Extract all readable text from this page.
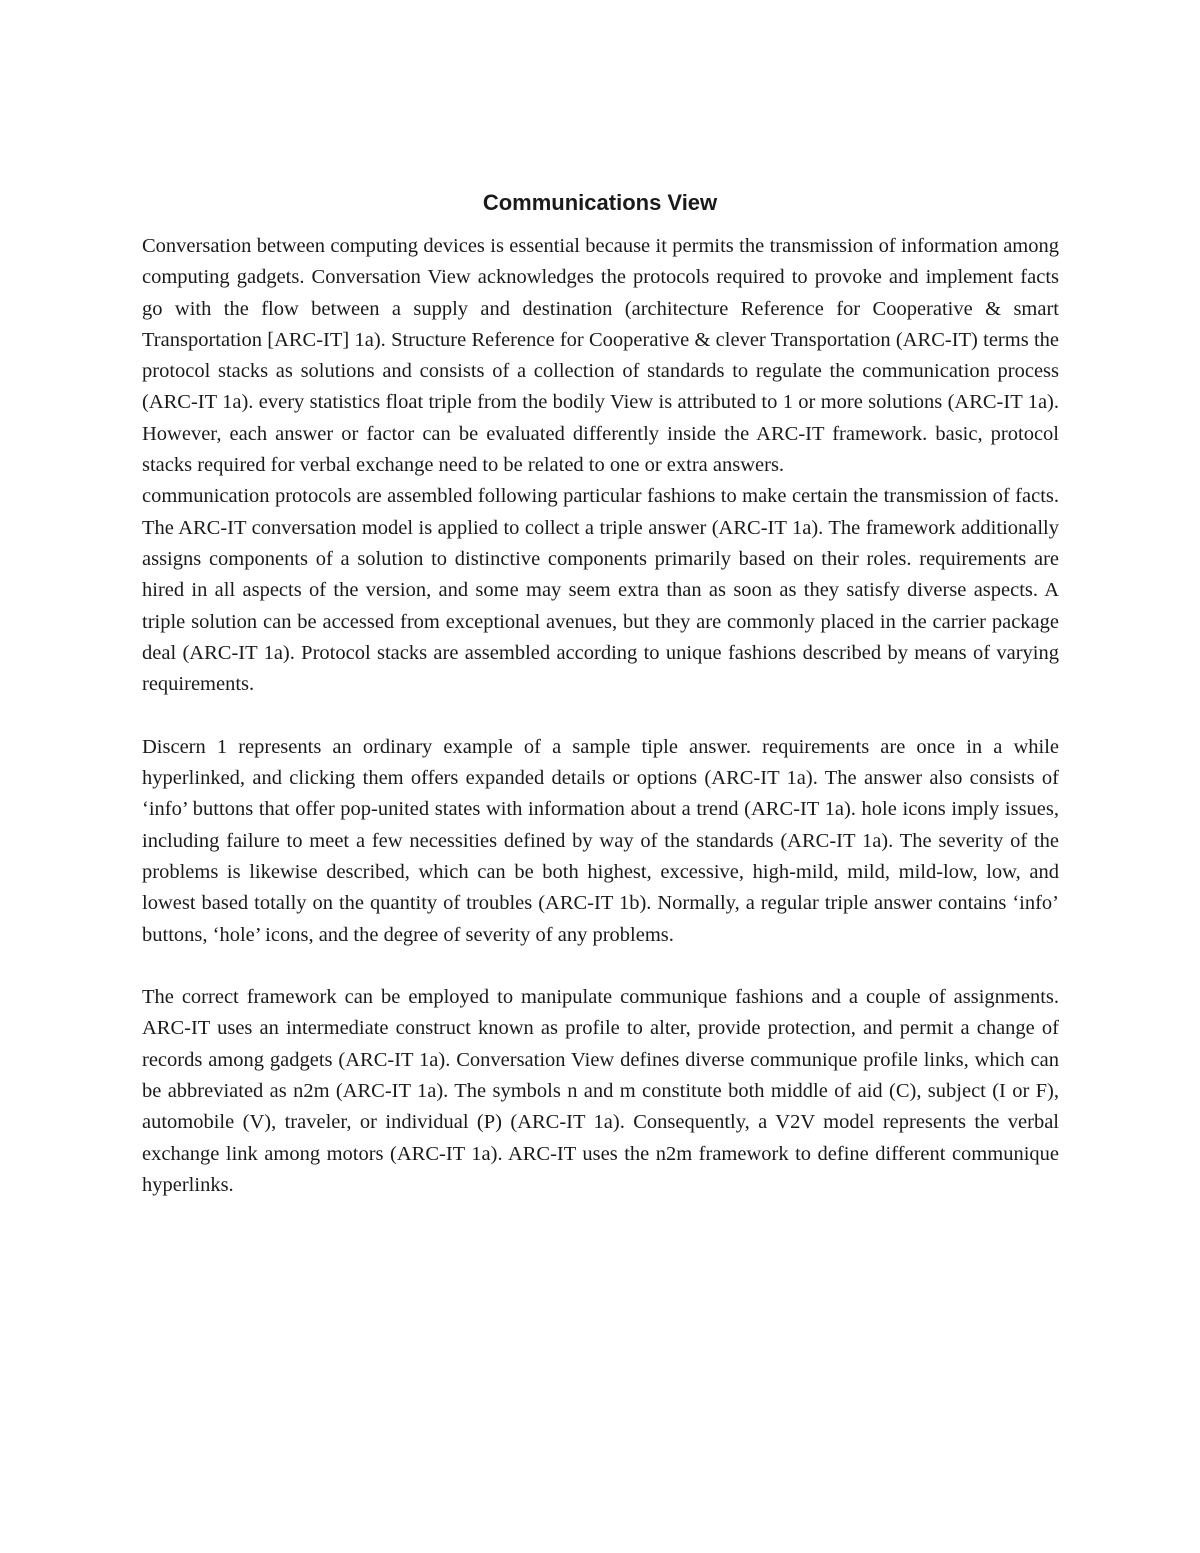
Communications View

Conversation between computing devices is essential because it permits the transmission of information among computing gadgets. Conversation View acknowledges the protocols required to provoke and implement facts go with the flow between a supply and destination (architecture Reference for Cooperative & smart Transportation [ARC-IT] 1a). Structure Reference for Cooperative & clever Transportation (ARC-IT) terms the protocol stacks as solutions and consists of a collection of standards to regulate the communication process (ARC-IT 1a). every statistics float triple from the bodily View is attributed to 1 or more solutions (ARC-IT 1a). However, each answer or factor can be evaluated differently inside the ARC-IT framework. basic, protocol stacks required for verbal exchange need to be related to one or extra answers.

communication protocols are assembled following particular fashions to make certain the transmission of facts. The ARC-IT conversation model is applied to collect a triple answer (ARC-IT 1a). The framework additionally assigns components of a solution to distinctive components primarily based on their roles. requirements are hired in all aspects of the version, and some may seem extra than as soon as they satisfy diverse aspects. A triple solution can be accessed from exceptional avenues, but they are commonly placed in the carrier package deal (ARC-IT 1a). Protocol stacks are assembled according to unique fashions described by means of varying requirements.

Discern 1 represents an ordinary example of a sample tiple answer. requirements are once in a while hyperlinked, and clicking them offers expanded details or options (ARC-IT 1a). The answer also consists of ‘info’ buttons that offer pop-united states with information about a trend (ARC-IT 1a). hole icons imply issues, including failure to meet a few necessities defined by way of the standards (ARC-IT 1a). The severity of the problems is likewise described, which can be both highest, excessive, high-mild, mild, mild-low, low, and lowest based totally on the quantity of troubles (ARC-IT 1b). Normally, a regular triple answer contains ‘info’ buttons, ‘hole’ icons, and the degree of severity of any problems.

The correct framework can be employed to manipulate communique fashions and a couple of assignments. ARC-IT uses an intermediate construct known as profile to alter, provide protection, and permit a change of records among gadgets (ARC-IT 1a). Conversation View defines diverse communique profile links, which can be abbreviated as n2m (ARC-IT 1a). The symbols n and m constitute both middle of aid (C), subject (I or F), automobile (V), traveler, or individual (P) (ARC-IT 1a). Consequently, a V2V model represents the verbal exchange link among motors (ARC-IT 1a). ARC-IT uses the n2m framework to define different communique hyperlinks.
